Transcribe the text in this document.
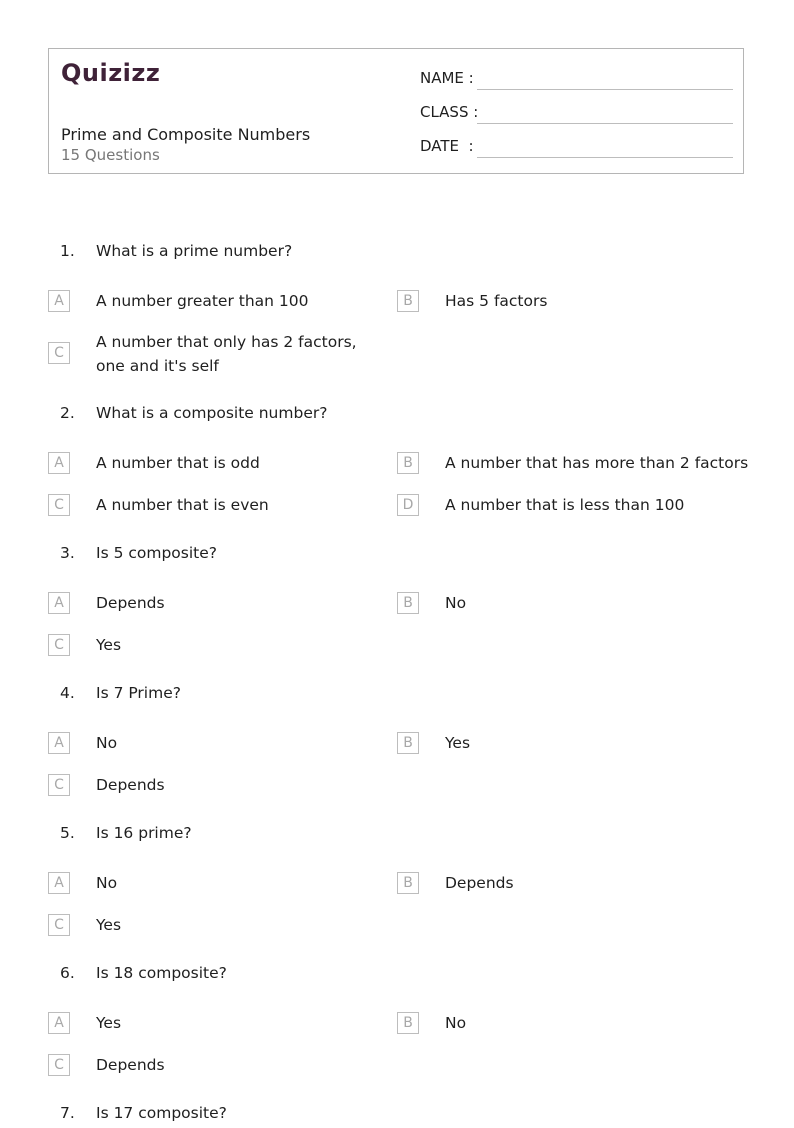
Quizizz
Prime and Composite Numbers
15 Questions
NAME :
CLASS :
DATE  :
1. What is a prime number?
A	A number greater than 100	B	Has 5 factors
C
A number that only has 2 factors, one and it's self
2. What is a composite number?
A	A number that is odd	B	A number that has more than 2 factors
C	A number that is even	D	A number that is less than 100
3. Is 5 composite?
A	Depends	B	No
C	Yes
4. Is 7 Prime?
A	No	B	Yes
C	Depends
5. Is 16 prime?
A	No	B	Depends
C	Yes
6. Is 18 composite?
A	Yes	B	No
C	Depends
7. Is 17 composite?
